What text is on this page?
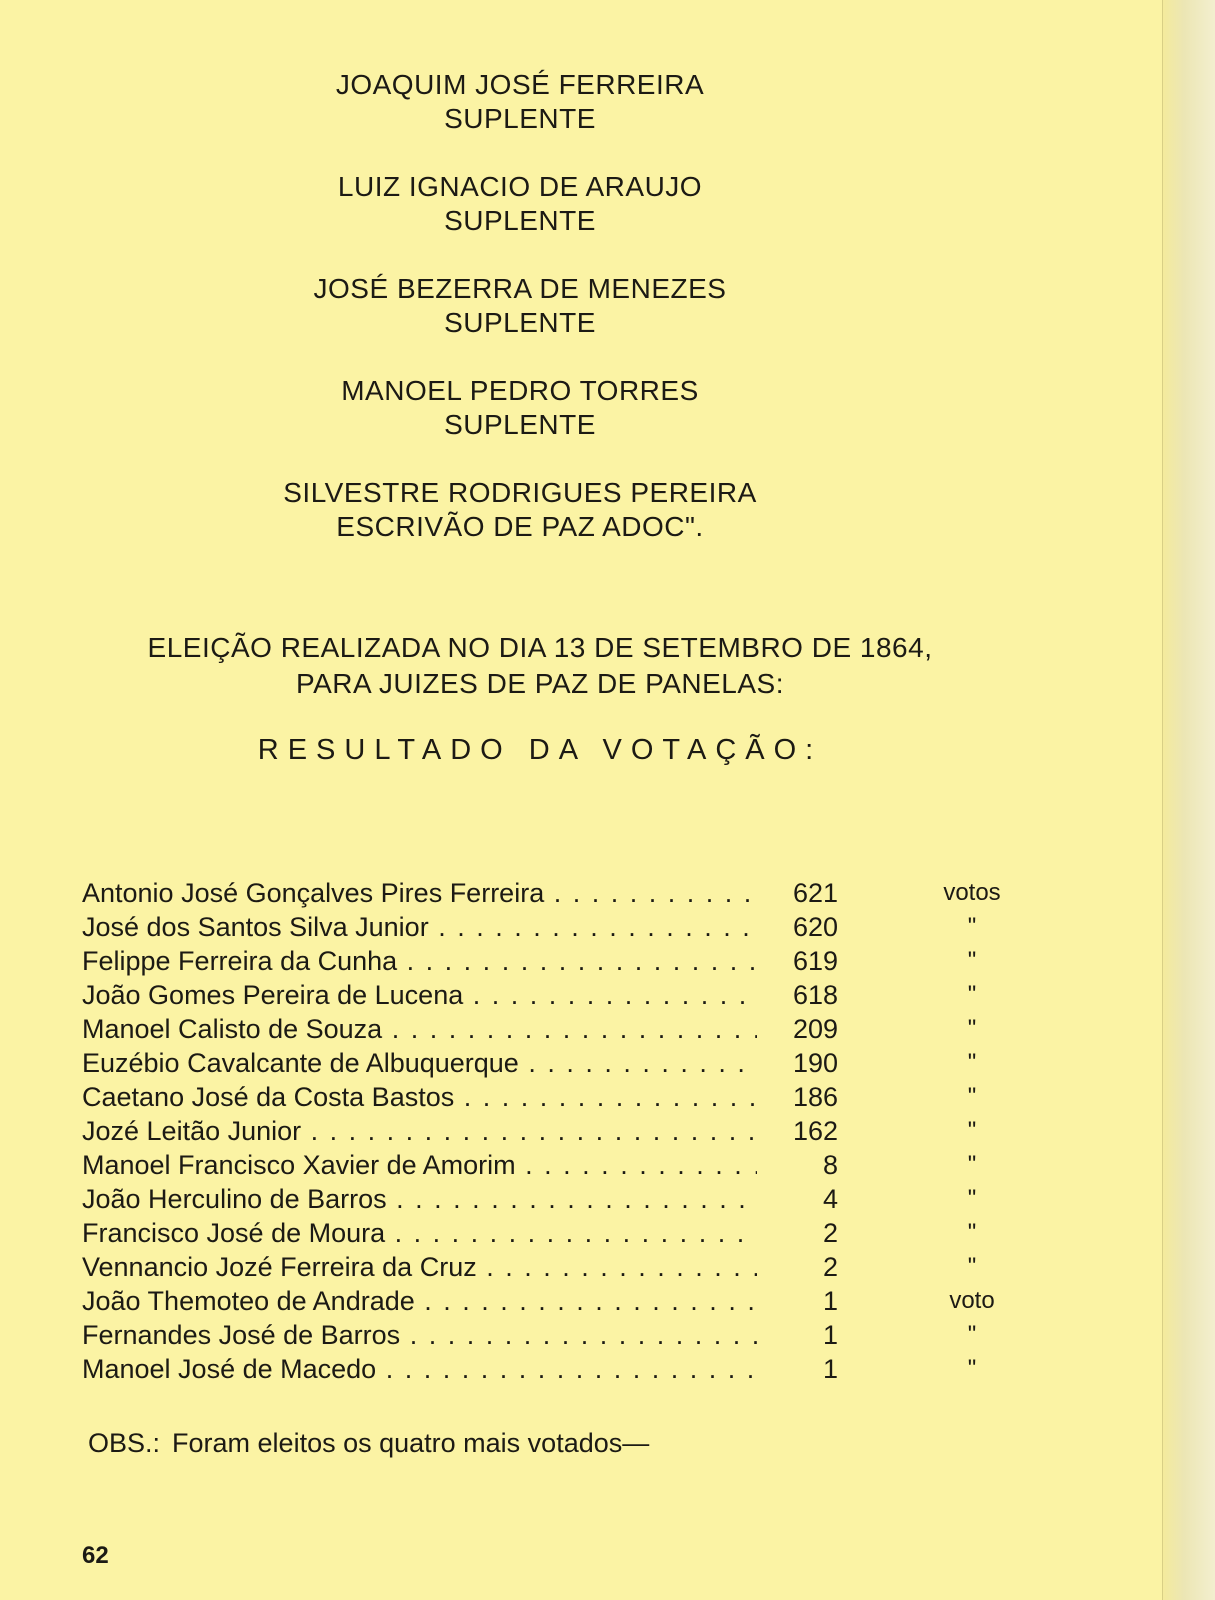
JOAQUIM JOSÉ FERREIRA
SUPLENTE
LUIZ IGNACIO DE ARAUJO
SUPLENTE
JOSÉ BEZERRA DE MENEZES
SUPLENTE
MANOEL PEDRO TORRES
SUPLENTE
SILVESTRE RODRIGUES PEREIRA
ESCRIVÃO DE PAZ ADOC".
ELEIÇÃO REALIZADA NO DIA 13 DE SETEMBRO DE 1864,
PARA JUIZES DE PAZ DE PANELAS:
RESULTADO DA VOTAÇÃO:
Antonio José Gonçalves Pires Ferreira . . .	621	votos
José dos Santos Silva Junior . . .	620	"
Felippe Ferreira da Cunha . . .	619	"
João Gomes Pereira de Lucena . . .	618	"
Manoel Calisto de Souza . . .	209	"
Euzébio Cavalcante de Albuquerque . . .	190	"
Caetano José da Costa Bastos . . .	186	"
Jozé Leitão Junior . . .	162	"
Manoel Francisco Xavier de Amorim . . .	8	"
João Herculino de Barros . . .	4	"
Francisco José de Moura . . .	2	"
Vennancio Jozé Ferreira da Cruz . . .	2	"
João Themoteo de Andrade . . .	1	voto
Fernandes José de Barros . . .	1	"
Manoel José de Macedo . . .	1	"
OBS.: Foram eleitos os quatro mais votados—
62
